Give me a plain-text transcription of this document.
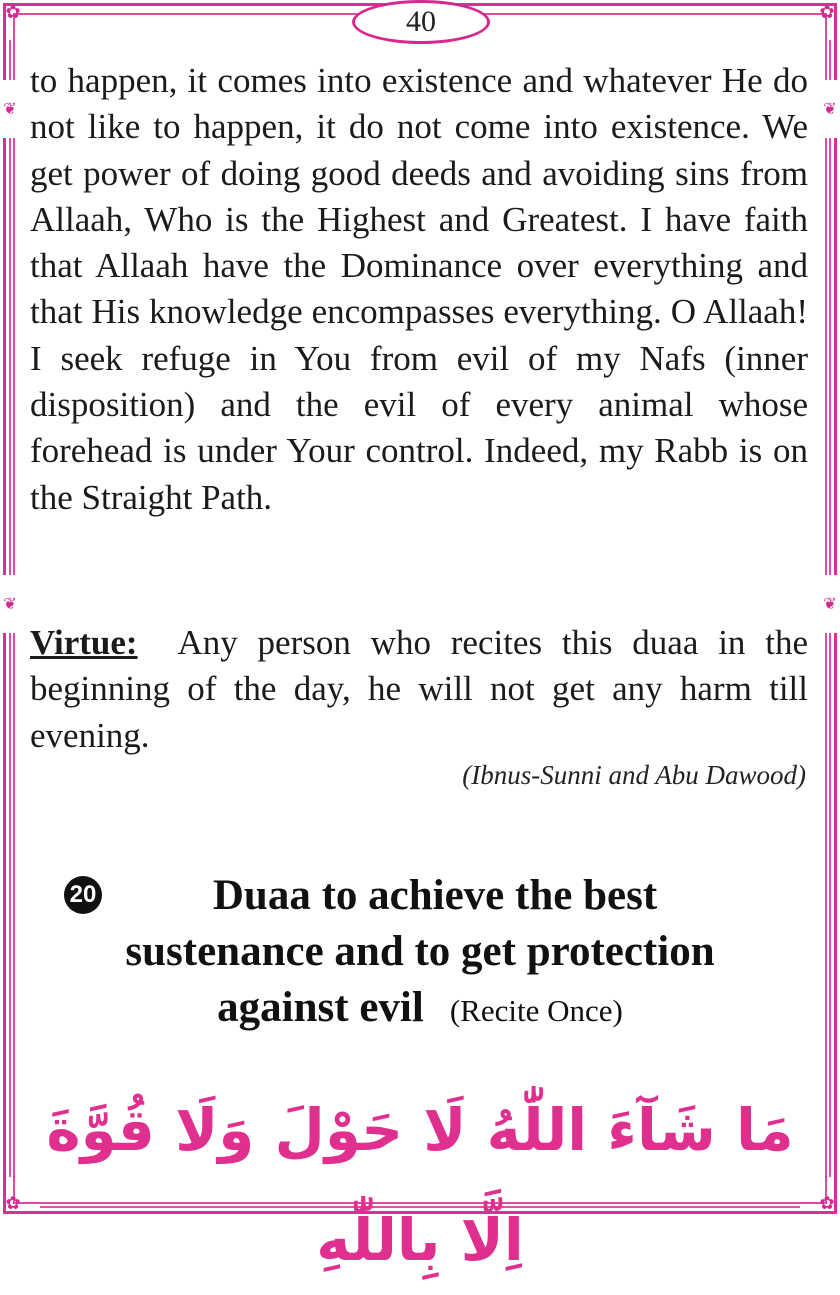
❦
❦
❦
❦
✿	✿
✿	✿
40

to happen, it comes into existence and whatever He do not like to happen, it do not come into existence. We get power of doing good deeds and avoiding sins from Allaah, Who is the Highest and Greatest. I have faith that Allaah have the Dominance over everything and that His knowledge encompasses everything. O Allaah! I seek refuge in You from evil of my Nafs (inner disposition) and the evil of every animal whose forehead is under Your control. Indeed, my Rabb is on the Straight Path.

Virtue: Any person who recites this duaa in the beginning of the day, he will not get any harm till evening.

(Ibnus-Sunni and Abu Dawood)
20	Duaa to achieve the best
sustenance and to get protection
against evil (Recite Once)
مَا شَآءَ اللّٰهُ لَا حَوْلَ وَلَا قُوَّةَ اِلَّا بِاللّٰهِ
